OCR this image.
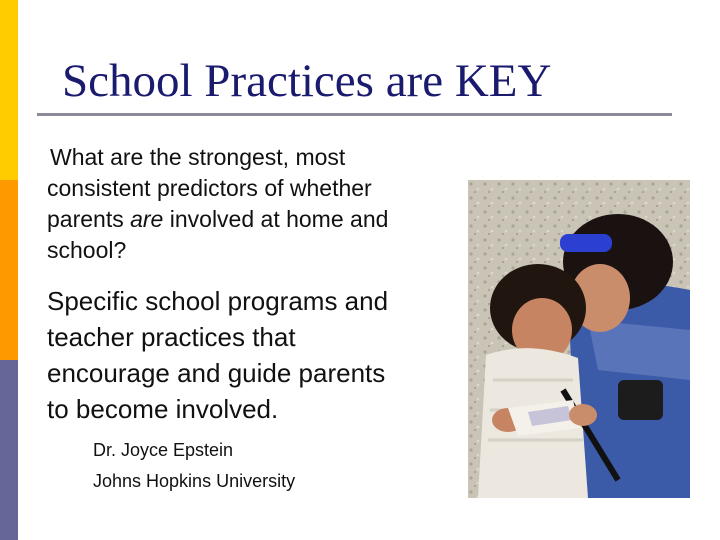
School Practices are KEY
What are the strongest, most
consistent predictors of whether
parents are involved at home and
school?
Specific school programs and
teacher practices that
encourage and guide parents
to become involved.
Dr. Joyce Epstein
Johns Hopkins University
